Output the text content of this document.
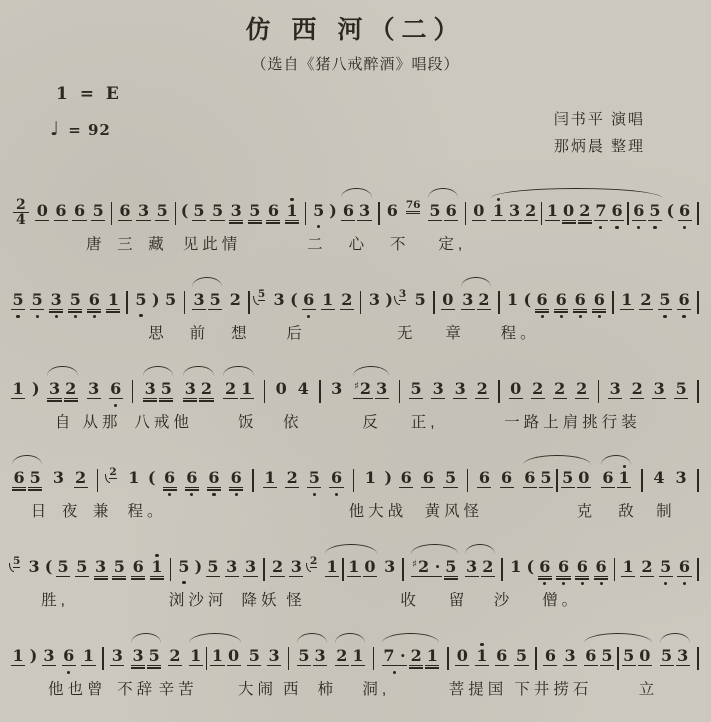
仿 西 河（二）
（选自《猪八戒醉酒》唱段）
1 = E
♩ = 92
闫书平 演唱
那炳晨 整理
$\frac{2}{4} 0$ 6 6 5 6 3 5 ( 5 5 3 5 6 1 5 ) 6 3 6 76 5 6 0 1 3 2 1 0 2 7 6 6 5 ( 6
唐 三 藏 见此情	二 心 不 定,
5 5 3 5 6 1 5 ) 5 3 5 2 5 3 ( 6 1 2 3 ) 3 5 0 3 2 1 ( 6 6 6 6 1 2 5 6
思 前 想 后	无 章 程。
1 ) 3 2 3 6 3 5 3 2 2 1 0 4 3 ♯2 3 5 3 3 2 0 2 2 2 3 2 3 5
自 从那 八戒他	饭 依	反 正,	一路上 肩挑行装
6 5 3 2 2 1 ( 6 6 6 6 1 2 5 6 1 ) 6 6 5 6 6 6 5 5 0 6 1 4 3
日 夜 兼 程。	他大战 黄风怪	克 敌 制
5 3 ( 5 5 3 5 6 1 5 ) 5 3 3 2 3 2 1 1 0 3 ♯2 · 5 3 2 1 ( 6 6 6 6 1 2 5 6
胜,	浏沙河 降妖 怪	收 留 沙 僧。
1 ) 3 6 1 3 3 5 2 1 1 0 5 3 5 3 2 1 7 · 2 1 0 1 6 5 6 3 6 5 5 0 5 3
他也曾 不辞 辛苦	大闹 西 柿 洞,	菩提国 下井捞石	立
